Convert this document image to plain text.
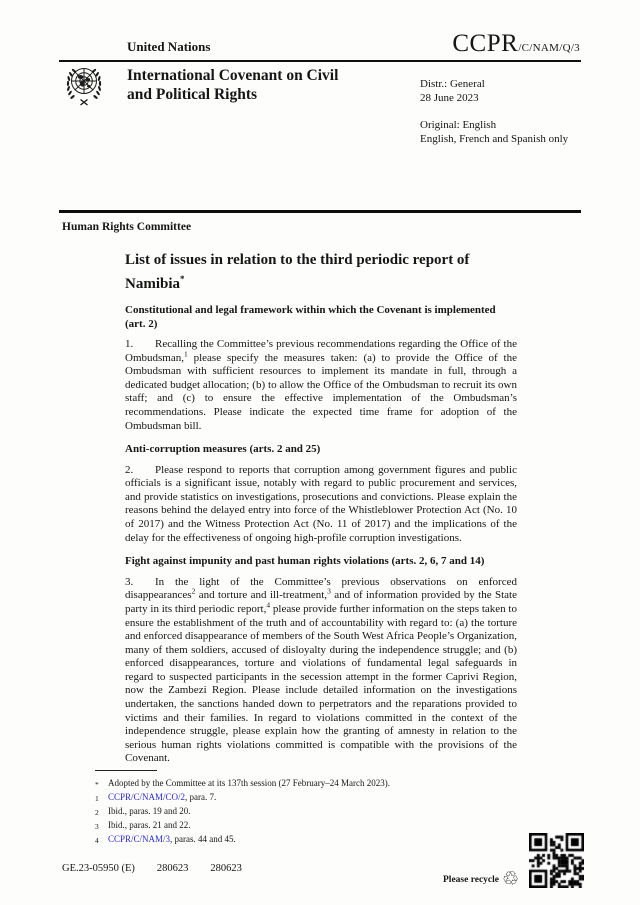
United Nations	CCPR/C/NAM/Q/3
International Covenant on Civil and Political Rights
Distr.: General
28 June 2023
Original: English
English, French and Spanish only
Human Rights Committee
List of issues in relation to the third periodic report of Namibia*
Constitutional and legal framework within which the Covenant is implemented (art. 2)
1. Recalling the Committee’s previous recommendations regarding the Office of the Ombudsman,$^1$ please specify the measures taken: (a) to provide the Office of the Ombudsman with sufficient resources to implement its mandate in full, through a dedicated budget allocation; (b) to allow the Office of the Ombudsman to recruit its own staff; and (c) to ensure the effective implementation of the Ombudsman’s recommendations. Please indicate the expected time frame for adoption of the Ombudsman bill.
Anti-corruption measures (arts. 2 and 25)
2. Please respond to reports that corruption among government figures and public officials is a significant issue, notably with regard to public procurement and services, and provide statistics on investigations, prosecutions and convictions. Please explain the reasons behind the delayed entry into force of the Whistleblower Protection Act (No. 10 of 2017) and the Witness Protection Act (No. 11 of 2017) and the implications of the delay for the effectiveness of ongoing high-profile corruption investigations.
Fight against impunity and past human rights violations (arts. 2, 6, 7 and 14)
3. In the light of the Committee’s previous observations on enforced disappearances$^2$ and torture and ill-treatment,$^3$ and of information provided by the State party in its third periodic report,$^4$ please provide further information on the steps taken to ensure the establishment of the truth and of accountability with regard to: (a) the torture and enforced disappearance of members of the South West Africa People’s Organization, many of them soldiers, accused of disloyalty during the independence struggle; and (b) enforced disappearances, torture and violations of fundamental legal safeguards in regard to suspected participants in the secession attempt in the former Caprivi Region, now the Zambezi Region. Please include detailed information on the investigations undertaken, the sanctions handed down to perpetrators and the reparations provided to victims and their families. In regard to violations committed in the context of the independence struggle, please explain how the granting of amnesty in relation to the serious human rights violations committed is compatible with the provisions of the Covenant.
*	Adopted by the Committee at its 137th session (27 February–24 March 2023).
1	CCPR/C/NAM/CO/2, para. 7.
2	Ibid., paras. 19 and 20.
3	Ibid., paras. 21 and 22.
4	CCPR/C/NAM/3, paras. 44 and 45.
GE.23-05950 (E) 280623 280623
Please recycle ♲
